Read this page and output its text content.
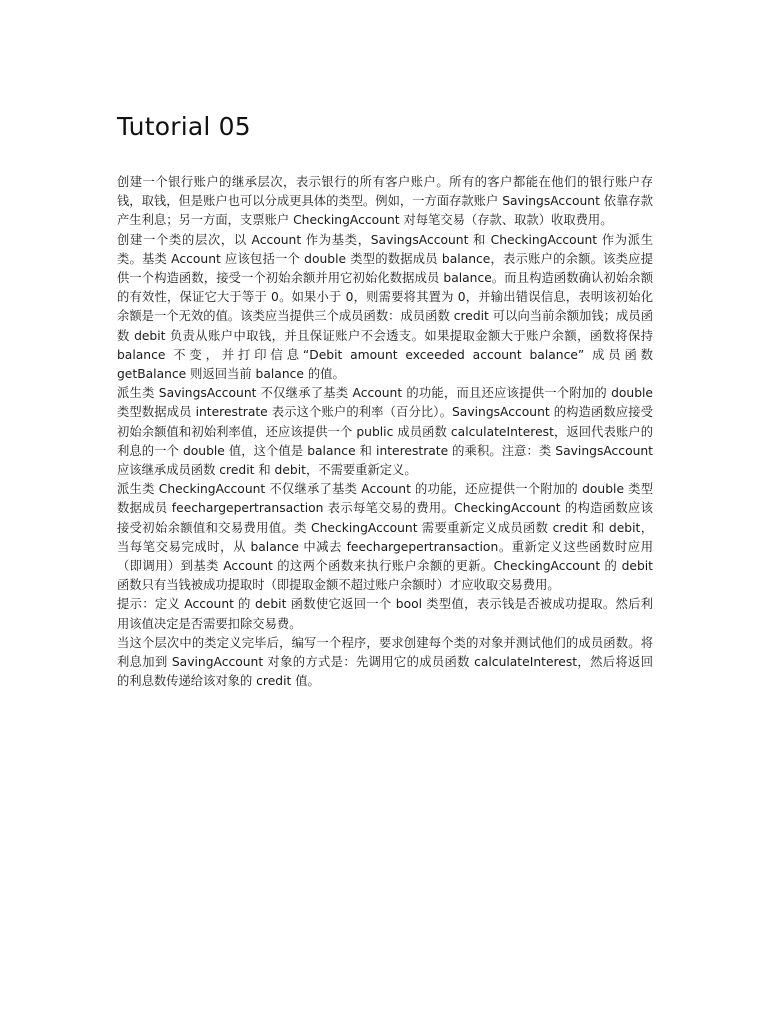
Tutorial 05

创建一个银行账户的继承层次，表示银行的所有客户账户。所有的客户都能在他们的银行账户存钱，取钱，但是账户也可以分成更具体的类型。例如，一方面存款账户 SavingsAccount 依靠存款产生利息；另一方面，支票账户 CheckingAccount 对每笔交易（存款、取款）收取费用。

创建一个类的层次，以 Account 作为基类，SavingsAccount 和 CheckingAccount 作为派生类。基类 Account 应该包括一个 double 类型的数据成员 balance，表示账户的余额。该类应提供一个构造函数，接受一个初始余额并用它初始化数据成员 balance。而且构造函数确认初始余额的有效性，保证它大于等于 0。如果小于 0，则需要将其置为 0，并输出错误信息，表明该初始化余额是一个无效的值。该类应当提供三个成员函数：成员函数 credit 可以向当前余额加钱；成员函数 debit 负责从账户中取钱，并且保证账户不会透支。如果提取金额大于账户余额，函数将保持 balance 不变，并打印信息“Debit amount exceeded account balance” 成员函数 getBalance 则返回当前 balance 的值。

派生类 SavingsAccount 不仅继承了基类 Account 的功能，而且还应该提供一个附加的 double 类型数据成员 interestrate 表示这个账户的利率（百分比）。SavingsAccount 的构造函数应接受初始余额值和初始利率值，还应该提供一个 public 成员函数 calculateInterest，返回代表账户的利息的一个 double 值，这个值是 balance 和 interestrate 的乘积。注意：类 SavingsAccount 应该继承成员函数 credit 和 debit，不需要重新定义。

派生类 CheckingAccount 不仅继承了基类 Account 的功能，还应提供一个附加的 double 类型数据成员 feechargepertransaction 表示每笔交易的费用。CheckingAccount 的构造函数应该接受初始余额值和交易费用值。类 CheckingAccount 需要重新定义成员函数 credit 和 debit，当每笔交易完成时，从 balance 中减去 feechargepertransaction。重新定义这些函数时应用（即调用）到基类 Account 的这两个函数来执行账户余额的更新。CheckingAccount 的 debit 函数只有当钱被成功提取时（即提取金额不超过账户余额时）才应收取交易费用。

提示：定义 Account 的 debit 函数使它返回一个 bool 类型值，表示钱是否被成功提取。然后利用该值决定是否需要扣除交易费。

当这个层次中的类定义完毕后，编写一个程序，要求创建每个类的对象并测试他们的成员函数。将利息加到 SavingAccount 对象的方式是：先调用它的成员函数 calculateInterest，然后将返回的利息数传递给该对象的 credit 值。
